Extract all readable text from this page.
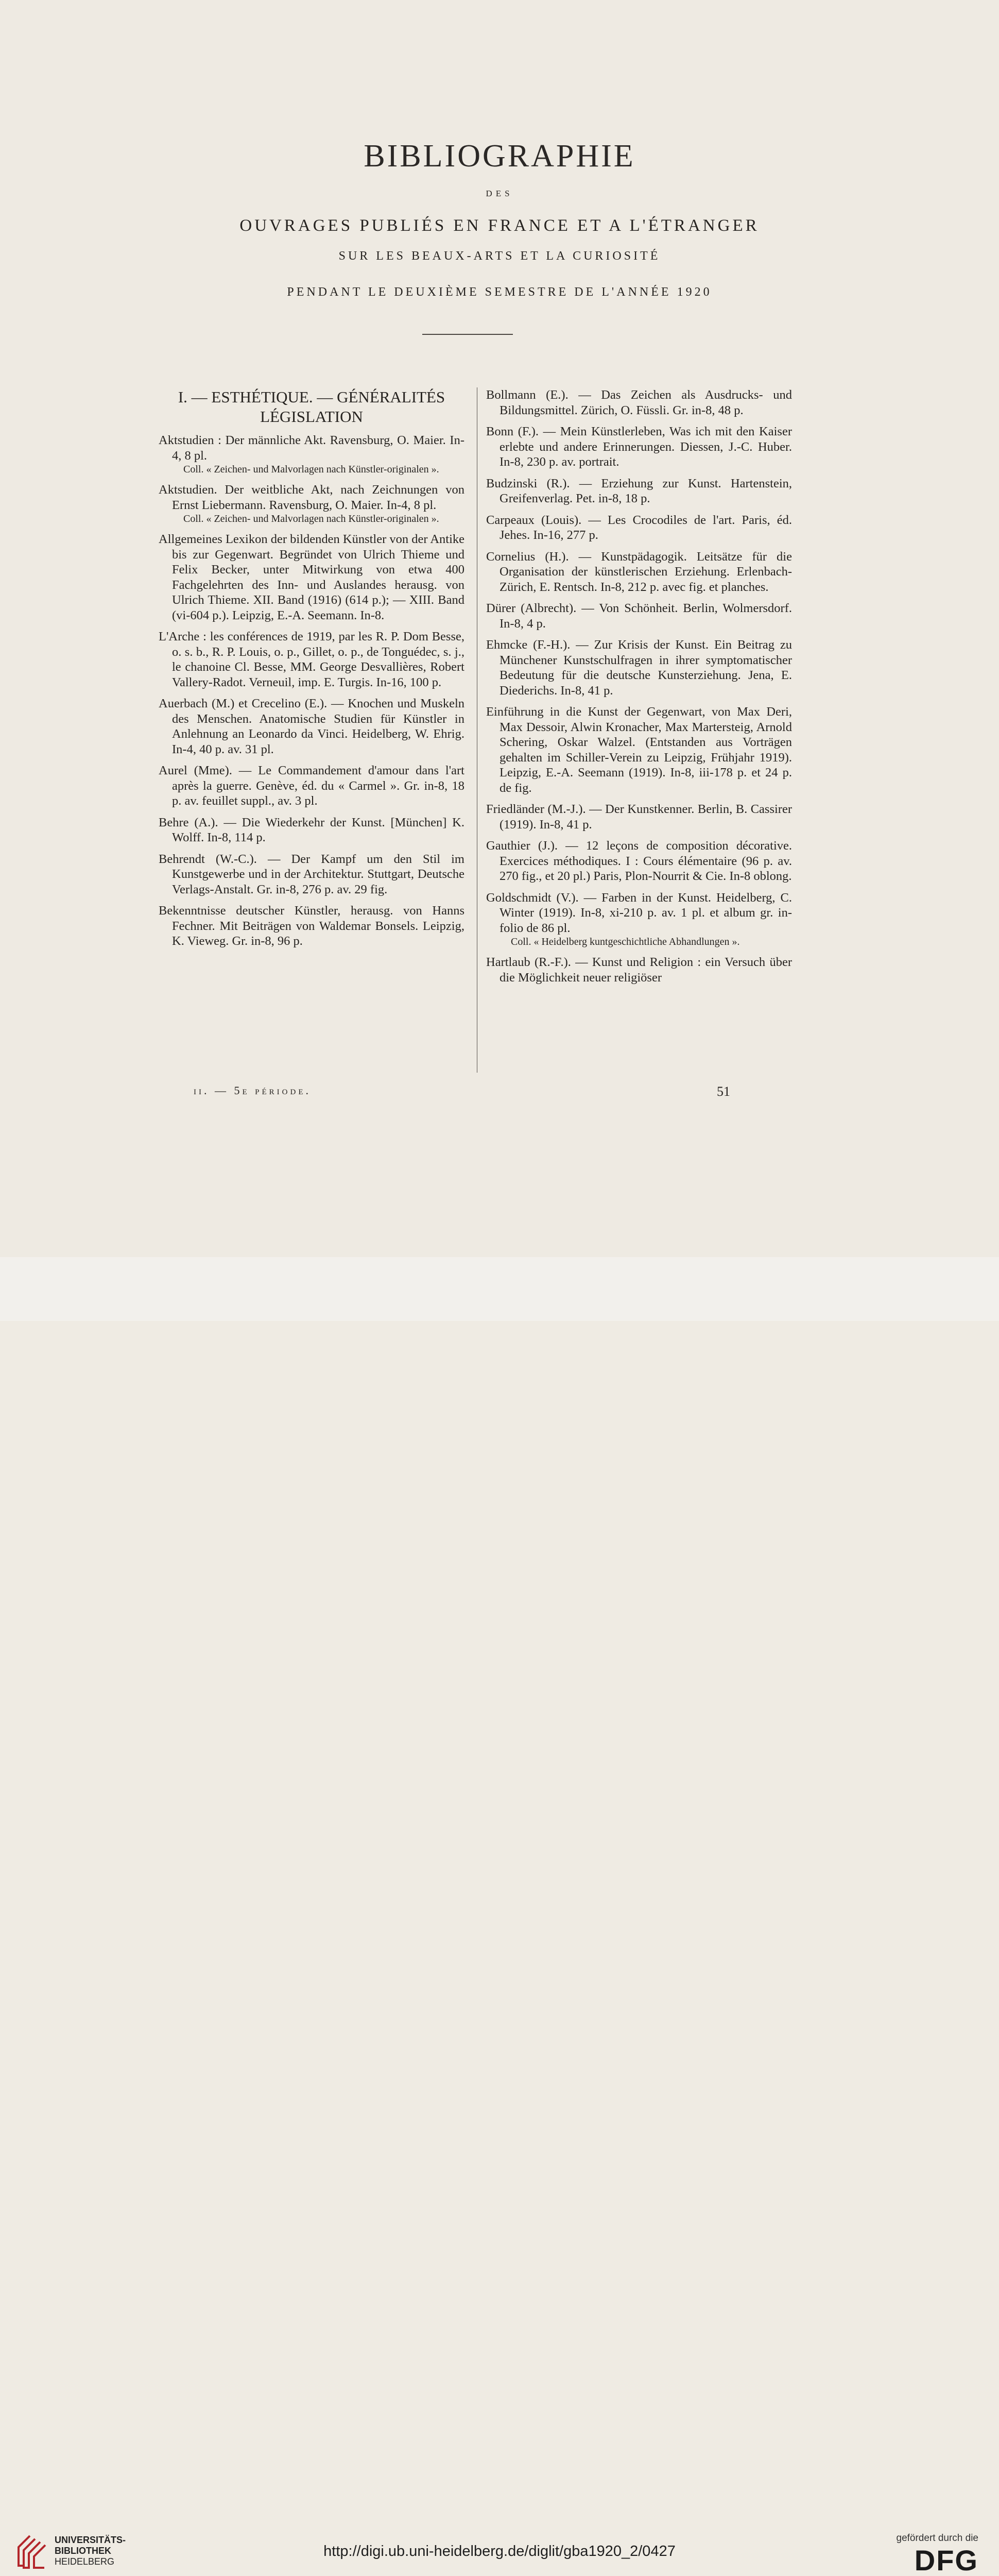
BIBLIOGRAPHIE
DES
OUVRAGES PUBLIÉS EN FRANCE ET A L'ÉTRANGER
SUR LES BEAUX-ARTS ET LA CURIOSITÉ
PENDANT LE DEUXIÈME SEMESTRE DE L'ANNÉE 1920
I. — ESTHÉTIQUE. — GÉNÉRALITÉS
LÉGISLATION
Aktstudien : Der männliche Akt. Ravensburg, O. Maier. In-4, 8 pl.
Coll. « Zeichen- und Malvorlagen nach Künstler-originalen ».
Aktstudien. Der weitbliche Akt, nach Zeichnungen von Ernst Liebermann. Ravensburg, O. Maier. In-4, 8 pl.
Coll. « Zeichen- und Malvorlagen nach Künstler-originalen ».
Allgemeines Lexikon der bildenden Künstler von der Antike bis zur Gegenwart. Begründet von Ulrich Thieme und Felix Becker, unter Mitwirkung von etwa 400 Fachgelehrten des Inn- und Auslandes herausg. von Ulrich Thieme. XII. Band (1916) (614 p.); — XIII. Band (vi-604 p.). Leipzig, E.-A. Seemann. In-8.
L'Arche : les conférences de 1919, par les R. P. Dom Besse, o. s. b., R. P. Louis, o. p., Gillet, o. p., de Tonguédec, s. j., le chanoine Cl. Besse, MM. George Desvallières, Robert Vallery-Radot. Verneuil, imp. E. Turgis. In-16, 100 p.
Auerbach (M.) et Crecelino (E.). — Knochen und Muskeln des Menschen. Anatomische Studien für Künstler in Anlehnung an Leonardo da Vinci. Heidelberg, W. Ehrig. In-4, 40 p. av. 31 pl.
Aurel (Mme). — Le Commandement d'amour dans l'art après la guerre. Genève, éd. du « Carmel ». Gr. in-8, 18 p. av. feuillet suppl., av. 3 pl.
Behre (A.). — Die Wiederkehr der Kunst. [München] K. Wolff. In-8, 114 p.
Behrendt (W.-C.). — Der Kampf um den Stil im Kunstgewerbe und in der Architektur. Stuttgart, Deutsche Verlags-Anstalt. Gr. in-8, 276 p. av. 29 fig.
Bekenntnisse deutscher Künstler, herausg. von Hanns Fechner. Mit Beiträgen von Waldemar Bonsels. Leipzig, K. Vieweg. Gr. in-8, 96 p.
Bollmann (E.). — Das Zeichen als Ausdrucks- und Bildungsmittel. Zürich, O. Füssli. Gr. in-8, 48 p.
Bonn (F.). — Mein Künstlerleben, Was ich mit den Kaiser erlebte und andere Erinnerungen. Diessen, J.-C. Huber. In-8, 230 p. av. portrait.
Budzinski (R.). — Erziehung zur Kunst. Hartenstein, Greifenverlag. Pet. in-8, 18 p.
Carpeaux (Louis). — Les Crocodiles de l'art. Paris, éd. Jehes. In-16, 277 p.
Cornelius (H.). — Kunstpädagogik. Leitsätze für die Organisation der künstlerischen Erziehung. Erlenbach-Zürich, E. Rentsch. In-8, 212 p. avec fig. et planches.
Dürer (Albrecht). — Von Schönheit. Berlin, Wolmersdorf. In-8, 4 p.
Ehmcke (F.-H.). — Zur Krisis der Kunst. Ein Beitrag zu Münchener Kunstschulfragen in ihrer symptomatischer Bedeutung für die deutsche Kunsterziehung. Jena, E. Diederichs. In-8, 41 p.
Einführung in die Kunst der Gegenwart, von Max Deri, Max Dessoir, Alwin Kronacher, Max Martersteig, Arnold Schering, Oskar Walzel. (Entstanden aus Vorträgen gehalten im Schiller-Verein zu Leipzig, Frühjahr 1919). Leipzig, E.-A. Seemann (1919). In-8, iii-178 p. et 24 p. de fig.
Friedländer (M.-J.). — Der Kunstkenner. Berlin, B. Cassirer (1919). In-8, 41 p.
Gauthier (J.). — 12 leçons de composition décorative. Exercices méthodiques. I : Cours élémentaire (96 p. av. 270 fig., et 20 pl.) Paris, Plon-Nourrit & Cie. In-8 oblong.
Goldschmidt (V.). — Farben in der Kunst. Heidelberg, C. Winter (1919). In-8, xi-210 p. av. 1 pl. et album gr. in-folio de 86 pl.
Coll. « Heidelberg kuntgeschichtliche Abhandlungen ».
Hartlaub (R.-F.). — Kunst und Religion : ein Versuch über die Möglichkeit neuer religiöser
ii. — 5e période.	51
UNIVERSITÄTS-
BIBLIOTHEK
HEIDELBERG
http://digi.ub.uni-heidelberg.de/diglit/gba1920_2/0427
gefördert durch die
DFG
